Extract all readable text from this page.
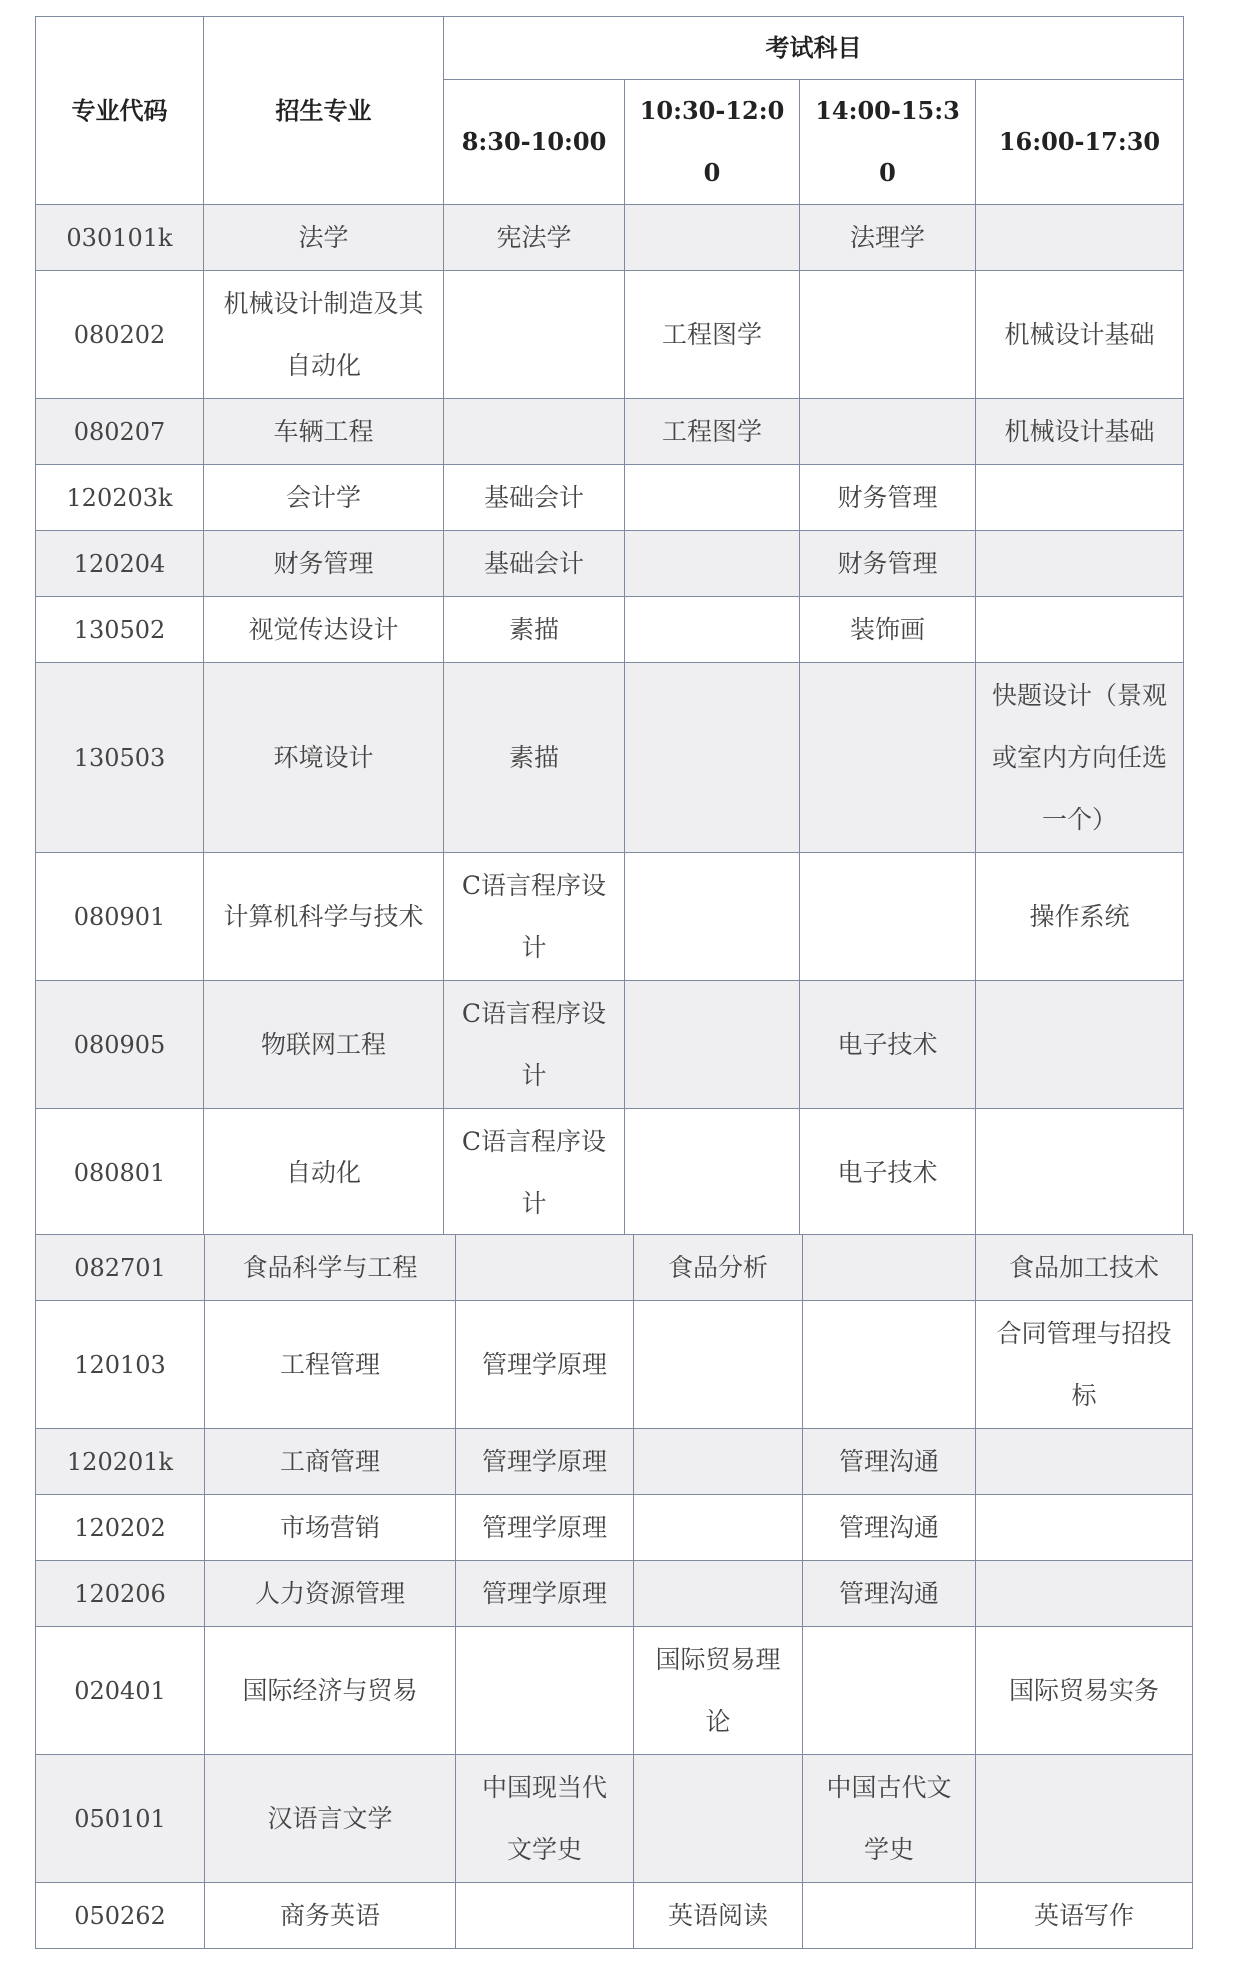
专业代码	招生专业	考试科目			
		8:30-10:00	10:30-12:00	14:00-15:30	16:00-17:30
030101k	法学	宪法学		法理学	
080202	机械设计制造及其自动化		工程图学		机械设计基础
080207	车辆工程		工程图学		机械设计基础
120203k	会计学	基础会计		财务管理	
120204	财务管理	基础会计		财务管理	
130502	视觉传达设计	素描		装饰画	
130503	环境设计	素描			快题设计（景观或室内方向任选一个）
080901	计算机科学与技术	C语言程序设计			操作系统
080905	物联网工程	C语言程序设计		电子技术	
080801	自动化	C语言程序设计		电子技术	
082701	食品科学与工程		食品分析		食品加工技术
120103	工程管理	管理学原理			合同管理与招投标
120201k	工商管理	管理学原理		管理沟通	
120202	市场营销	管理学原理		管理沟通	
120206	人力资源管理	管理学原理		管理沟通	
020401	国际经济与贸易		国际贸易理论		国际贸易实务
050101	汉语言文学	中国现当代文学史		中国古代文学史	
050262	商务英语		英语阅读		英语写作
